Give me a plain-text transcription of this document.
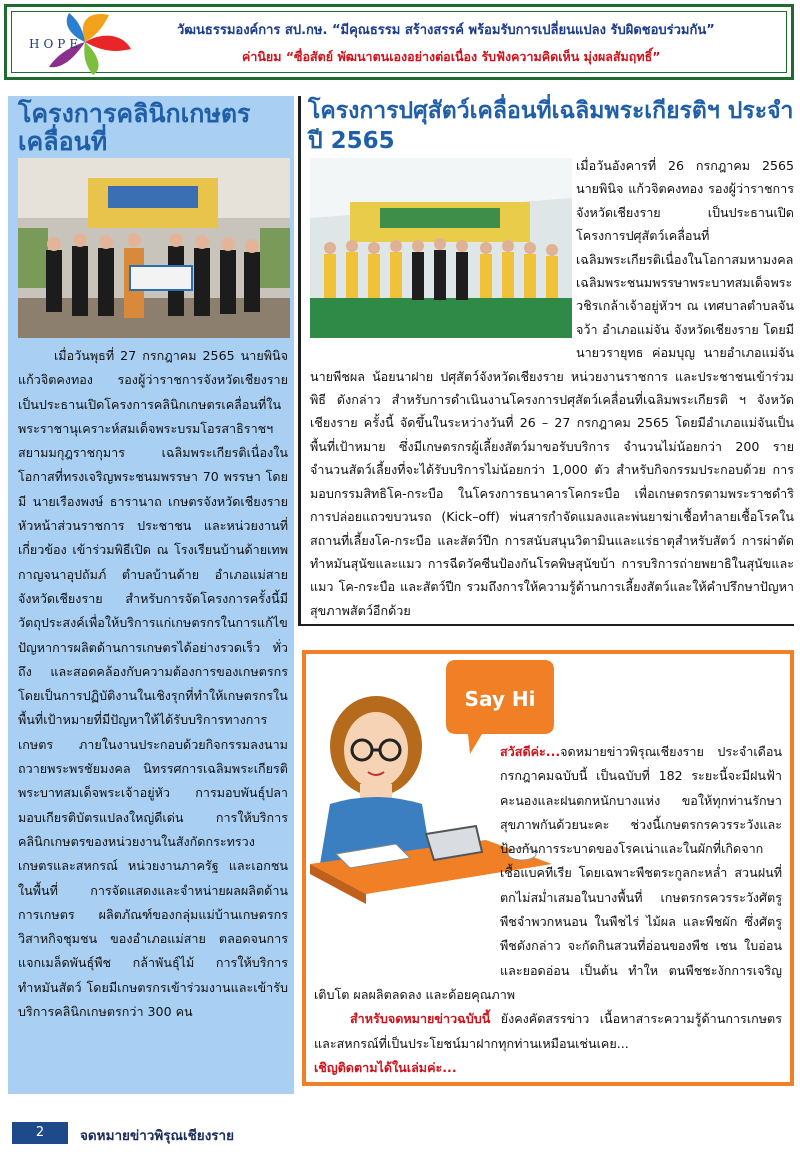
HOPE
วัฒนธรรมองค์การ สป.กษ. “มีคุณธรรม สร้างสรรค์ พร้อมรับการเปลี่ยนแปลง รับผิดชอบร่วมกัน”
ค่านิยม “ซื่อสัตย์ พัฒนาตนเองอย่างต่อเนื่อง รับฟังความคิดเห็น มุ่งผลสัมฤทธิ์”
โครงการคลินิกเกษตรเคลื่อนที่
เมื่อวันพุธที่ 27 กรกฎาคม 2565 นายพินิจ แก้วจิตคงทอง รองผู้ว่าราชการจังหวัดเชียงราย เป็นประธานเปิดโครงการคลินิกเกษตรเคลื่อนที่ในพระราชานุเคราะห์สมเด็จพระบรมโอรสาธิราชฯ สยามมกุฎราชกุมาร เฉลิมพระเกียรติเนื่องในโอกาสที่ทรงเจริญพระชนมพรรษา 70 พรรษา โดยมี นายเรืองพงษ์ ธารานาถ เกษตรจังหวัดเชียงราย หัวหน้าส่วนราชการ ประชาชน และหน่วยงานที่เกี่ยวข้อง เข้าร่วมพิธีเปิด ณ โรงเรียนบ้านด้ายเทพกาญจนาอุปถัมภ์ ตำบลบ้านด้าย อำเภอแม่สาย จังหวัดเชียงราย สำหรับการจัดโครงการครั้งนี้มีวัตถุประสงค์เพื่อให้บริการแก่เกษตรกรในการแก้ไขปัญหาการผลิตด้านการเกษตรได้อย่างรวดเร็ว ทั่วถึง และสอดคล้องกับความต้องการของเกษตรกร โดยเป็นการปฏิบัติงานในเชิงรุกที่ทำให้เกษตรกรในพื้นที่เป้าหมายที่มีปัญหาให้ได้รับบริการทางการเกษตร ภายในงานประกอบด้วยกิจกรรมลงนามถวายพระพรชัยมงคล นิทรรศการเฉลิมพระเกียรติพระบาทสมเด็จพระเจ้าอยู่หัว การมอบพันธุ์ปลา มอบเกียรติบัตรแปลงใหญ่ดีเด่น การให้บริการคลินิกเกษตรของหน่วยงานในสังกัดกระทรวงเกษตรและสหกรณ์ หน่วยงานภาครัฐ และเอกชนในพื้นที่ การจัดแสดงและจำหน่ายผลผลิตด้านการเกษตร ผลิตภัณฑ์ของกลุ่มแม่บ้านเกษตรกร วิสาหกิจชุมชน ของอำเภอแม่สาย ตลอดจนการแจกเมล็ดพันธุ์พืช กล้าพันธุ์ไม้ การให้บริการทำหมันสัตว์ โดยมีเกษตรกรเข้าร่วมงานและเข้ารับบริการคลินิกเกษตรกว่า 300 คน
โครงการปศุสัตว์เคลื่อนที่เฉลิมพระเกียรติฯ ประจำปี 2565
เมื่อวันอังคารที่ 26 กรกฎาคม 2565 นายพินิจ แก้วจิตคงทอง รองผู้ว่าราชการจังหวัดเชียงราย เป็นประธานเปิดโครงการปศุสัตว์เคลื่อนที่เฉลิมพระเกียรติเนื่องในโอกาสมหามงคลเฉลิมพระชนมพรรษาพระบาทสมเด็จพระวชิรเกล้าเจ้าอยู่หัวฯ ณ เทศบาลตำบลจันจว้า อำเภอแม่จัน จังหวัดเชียงราย โดยมี นายวรายุทธ ค่อมบุญ นายอำเภอแม่จัน นายพีชผล น้อยนาฝาย ปศุสัตว์จังหวัดเชียงราย หน่วยงานราชการ และประชาชนเข้าร่วมพิธี ดังกล่าว สำหรับการดำเนินงานโครงการปศุสัตว์เคลื่อนที่เฉลิมพระเกียรติ ฯ จังหวัดเชียงราย ครั้งนี้ จัดขึ้นในระหว่างวันที่ 26 – 27 กรกฎาคม 2565 โดยมีอำเภอแม่จันเป็นพื้นที่เป้าหมาย ซึ่งมีเกษตรกรผู้เลี้ยงสัตว์มาขอรับบริการ จำนวนไม่น้อยกว่า 200 ราย จำนวนสัตว์เลี้ยงที่จะได้รับบริการไม่น้อยกว่า 1,000 ตัว สำหรับกิจกรรมประกอบด้วย การมอบกรรมสิทธิโค-กระบือ ในโครงการธนาคารโคกระบือ เพื่อเกษตรกรตามพระราชดำริ การปล่อยแถวขบวนรถ (Kick–off) พ่นสารกำจัดแมลงและพ่นยาฆ่าเชื้อทำลายเชื้อโรคในสถานที่เลี้ยงโค-กระบือ และสัตว์ปีก การสนับสนุนวิตามินและแร่ธาตุสำหรับสัตว์ การผ่าตัดทำหมันสุนัขและแมว การฉีดวัคซีนป้องกันโรคพิษสุนัขบ้า การบริการถ่ายพยาธิในสุนัขและแมว โค-กระบือ และสัตว์ปีก รวมถึงการให้ความรู้ด้านการเลี้ยงสัตว์และให้คำปรึกษาปัญหาสุขภาพสัตว์อีกด้วย
Say Hi
สวัสดีค่ะ...จดหมายข่าวพิรุณเชียงราย ประจำเดือนกรกฎาคมฉบับนี้ เป็นฉบับที่ 182 ระยะนี้จะมีฝนฟ้าคะนองและฝนตกหนักบางแห่ง ขอให้ทุกท่านรักษาสุขภาพกันด้วยนะคะ ช่วงนี้เกษตรกรควรระวังและป้องกันการระบาดของโรคเน่าและในผักที่เกิดจากเชื้อแบคทีเรีย โดยเฉพาะพืชตระกูลกะหล่ำ สวนฝนที่ตกไม่สม่ำเสมอในบางพื้นที่ เกษตรกรควรระวังศัตรูพืชจำพวกหนอน ในพืชไร่ ไม้ผล และพืชผัก ซึ่งศัตรูพืชดังกล่าว จะกัดกินสวนที่อ่อนของพืช เชน ใบอ่อน และยอดอ่อน เป็นต้น ทำให ตนพืชชะงักการเจริญเติบโต ผลผลิตลดลง และด้อยคุณภาพ
สำหรับจดหมายข่าวฉบับนี้ ยังคงคัดสรรข่าว เนื้อหาสาระความรู้ด้านการเกษตรและสหกรณ์ที่เป็นประโยชน์มาฝากทุกท่านเหมือนเช่นเคย...
เชิญติดตามได้ในเล่มค่ะ...
2	จดหมายข่าวพิรุณเชียงราย
